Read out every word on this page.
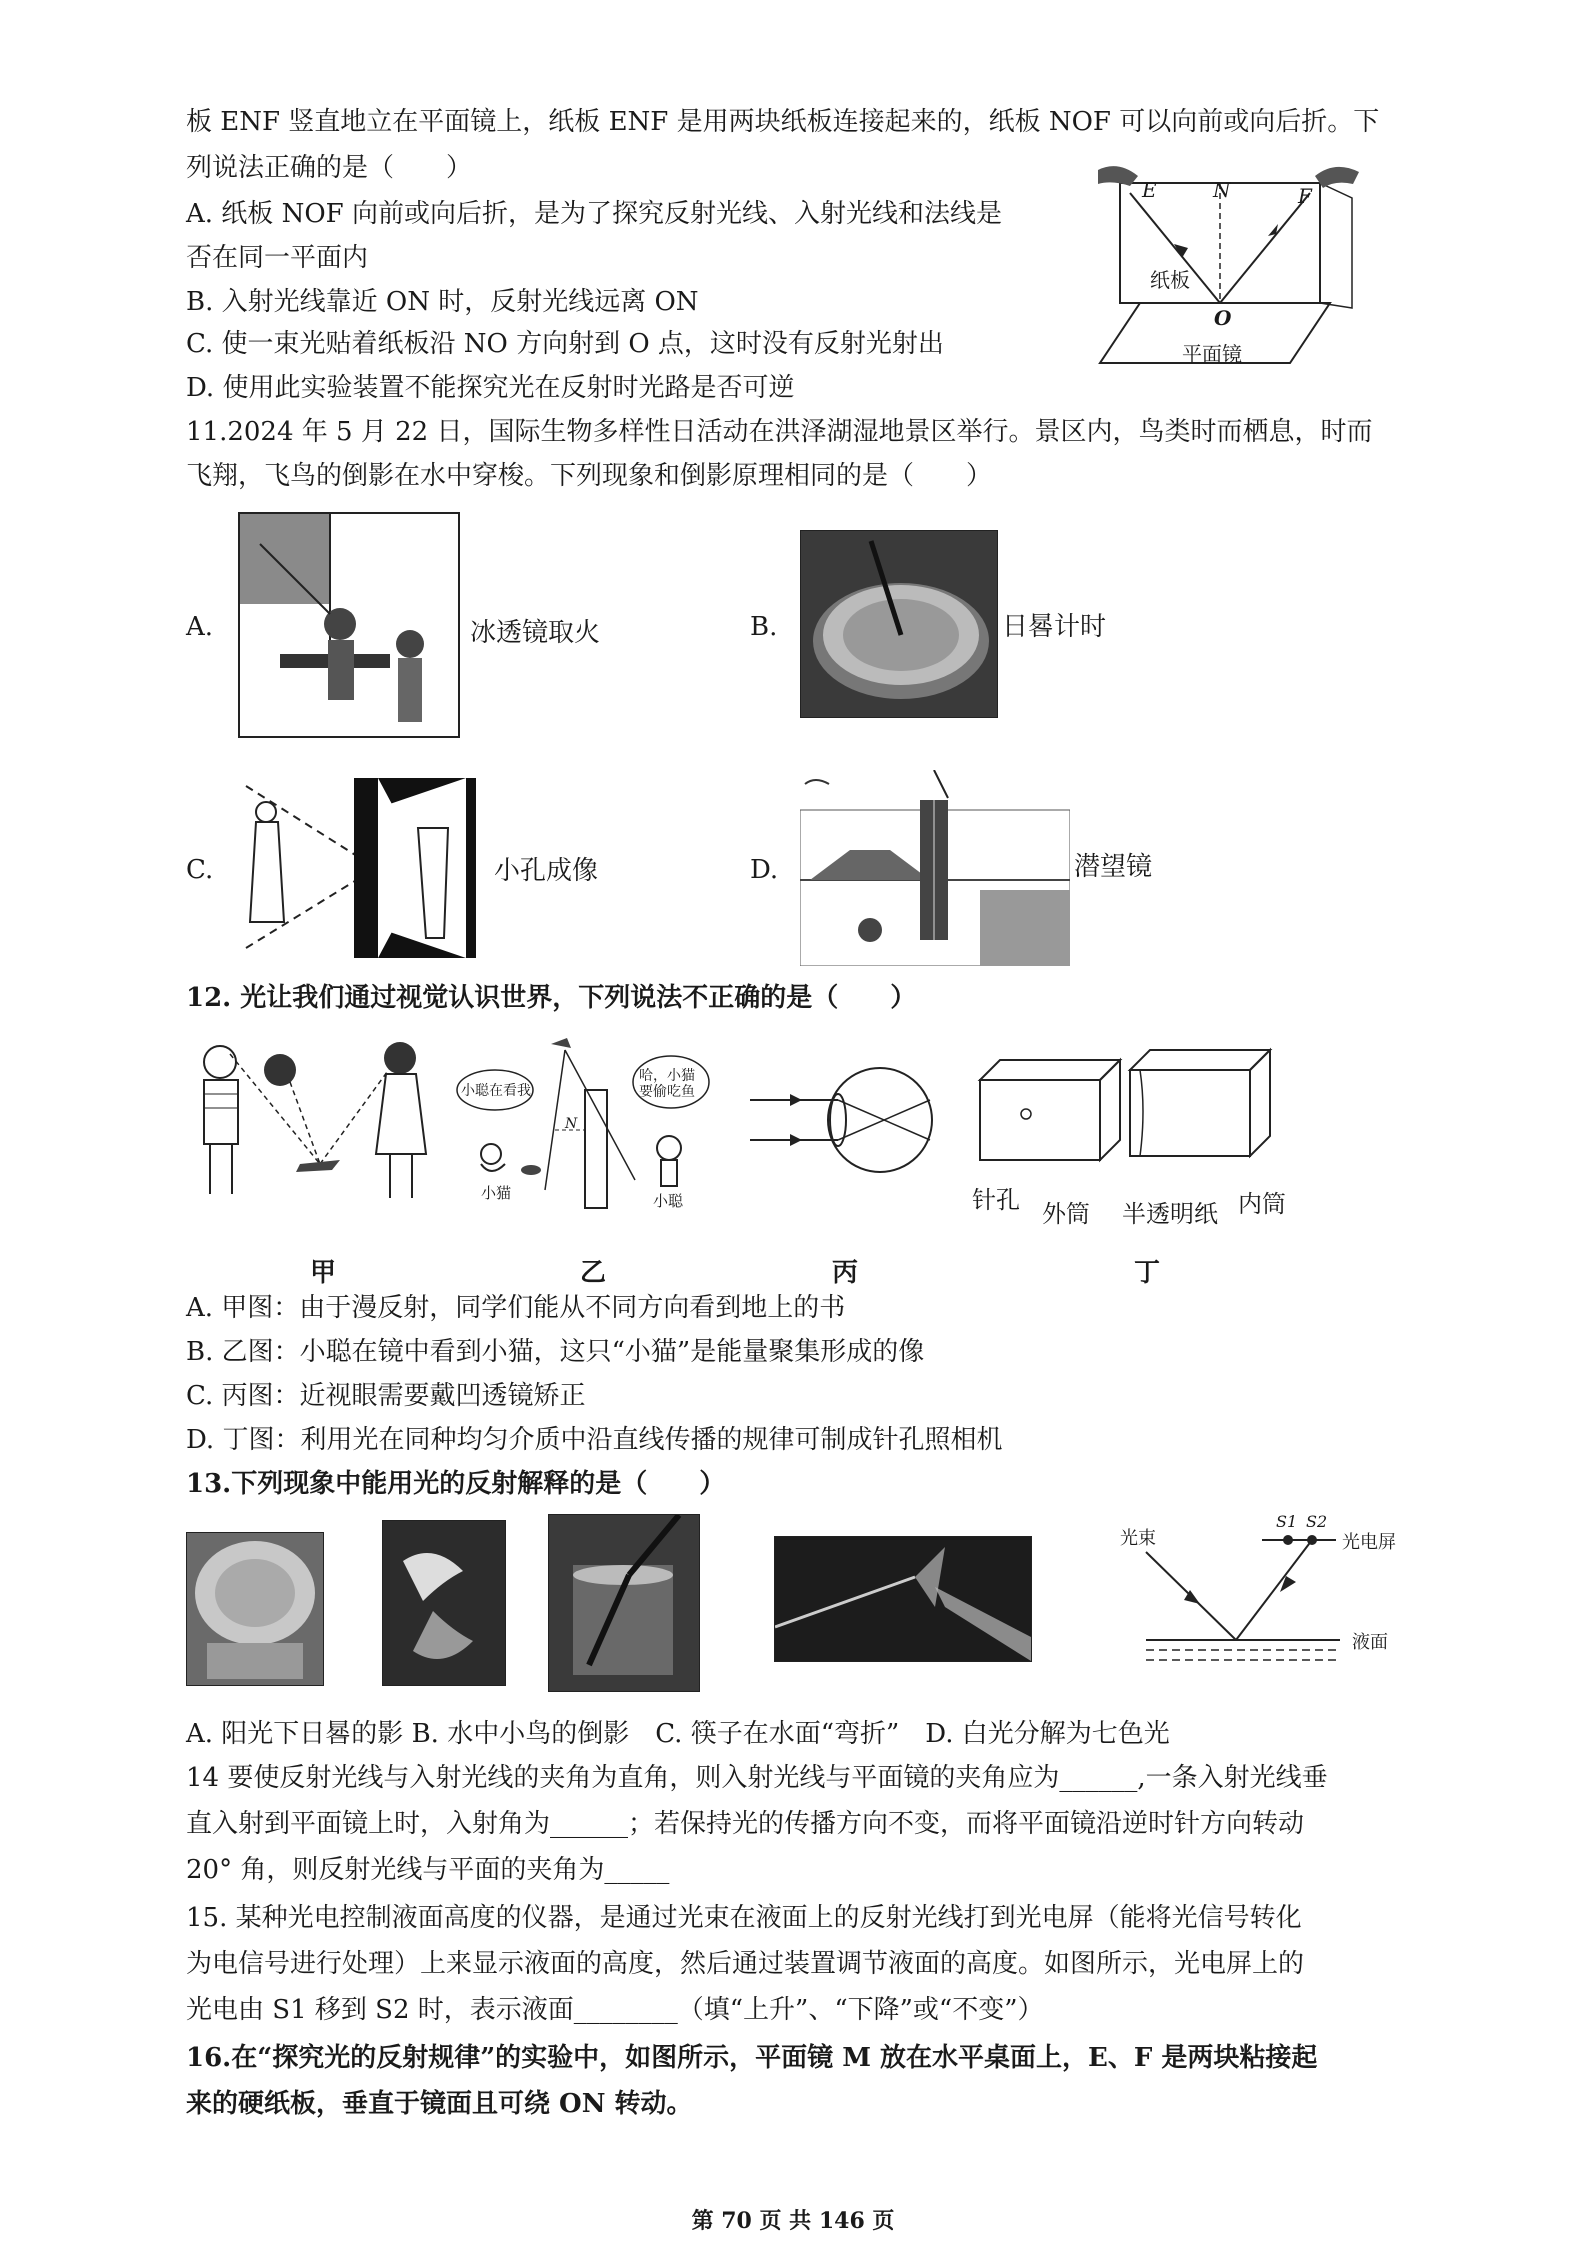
板 ENF 竖直地立在平面镜上，纸板 ENF 是用两块纸板连接起来的，纸板 NOF 可以向前或向后折。下
列说法正确的是（　　）
A. 纸板 NOF 向前或向后折，是为了探究反射光线、入射光线和法线是
否在同一平面内
B. 入射光线靠近 ON 时，反射光线远离 ON
C. 使一束光贴着纸板沿 NO 方向射到 O 点，这时没有反射光射出
D. 使用此实验装置不能探究光在反射时光路是否可逆
E	N	F
O
纸板
平面镜
11.2024 年 5 月 22 日，国际生物多样性日活动在洪泽湖湿地景区举行。景区内，鸟类时而栖息，时而
飞翔，飞鸟的倒影在水中穿梭。下列现象和倒影原理相同的是（　　）
A.	冰透镜取火	B.	日晷计时
C.	小孔成像	D.	潜望镜
12. 光让我们通过视觉认识世界，下列说法不正确的是（　　）
小聪在看我
哈，小猫要偷吃鱼
N
小猫	小聪	针孔 外筒 半透明纸 内筒
甲	乙	丙	丁
A. 甲图：由于漫反射，同学们能从不同方向看到地上的书
B. 乙图：小聪在镜中看到小猫，这只“小猫”是能量聚集形成的像
C. 丙图：近视眼需要戴凹透镜矫正
D. 丁图：利用光在同种均匀介质中沿直线传播的规律可制成针孔照相机
13.下列现象中能用光的反射解释的是（　　）
光束
S1 S2
光电屏
液面
A. 阳光下日晷的影 B. 水中小鸟的倒影　C. 筷子在水面“弯折”　D. 白光分解为七色光
14 要使反射光线与入射光线的夹角为直角，则入射光线与平面镜的夹角应为______,一条入射光线垂
直入射到平面镜上时，入射角为______；若保持光的传播方向不变，而将平面镜沿逆时针方向转动
20° 角，则反射光线与平面的夹角为_____
15. 某种光电控制液面高度的仪器，是通过光束在液面上的反射光线打到光电屏（能将光信号转化
为电信号进行处理）上来显示液面的高度，然后通过装置调节液面的高度。如图所示，光电屏上的
光电由 S1 移到 S2 时，表示液面________（填“上升”、“下降”或“不变”）
16.在“探究光的反射规律”的实验中，如图所示，平面镜 M 放在水平桌面上，E、F 是两块粘接起
来的硬纸板，垂直于镜面且可绕 ON 转动。
第 70 页 共 146 页
